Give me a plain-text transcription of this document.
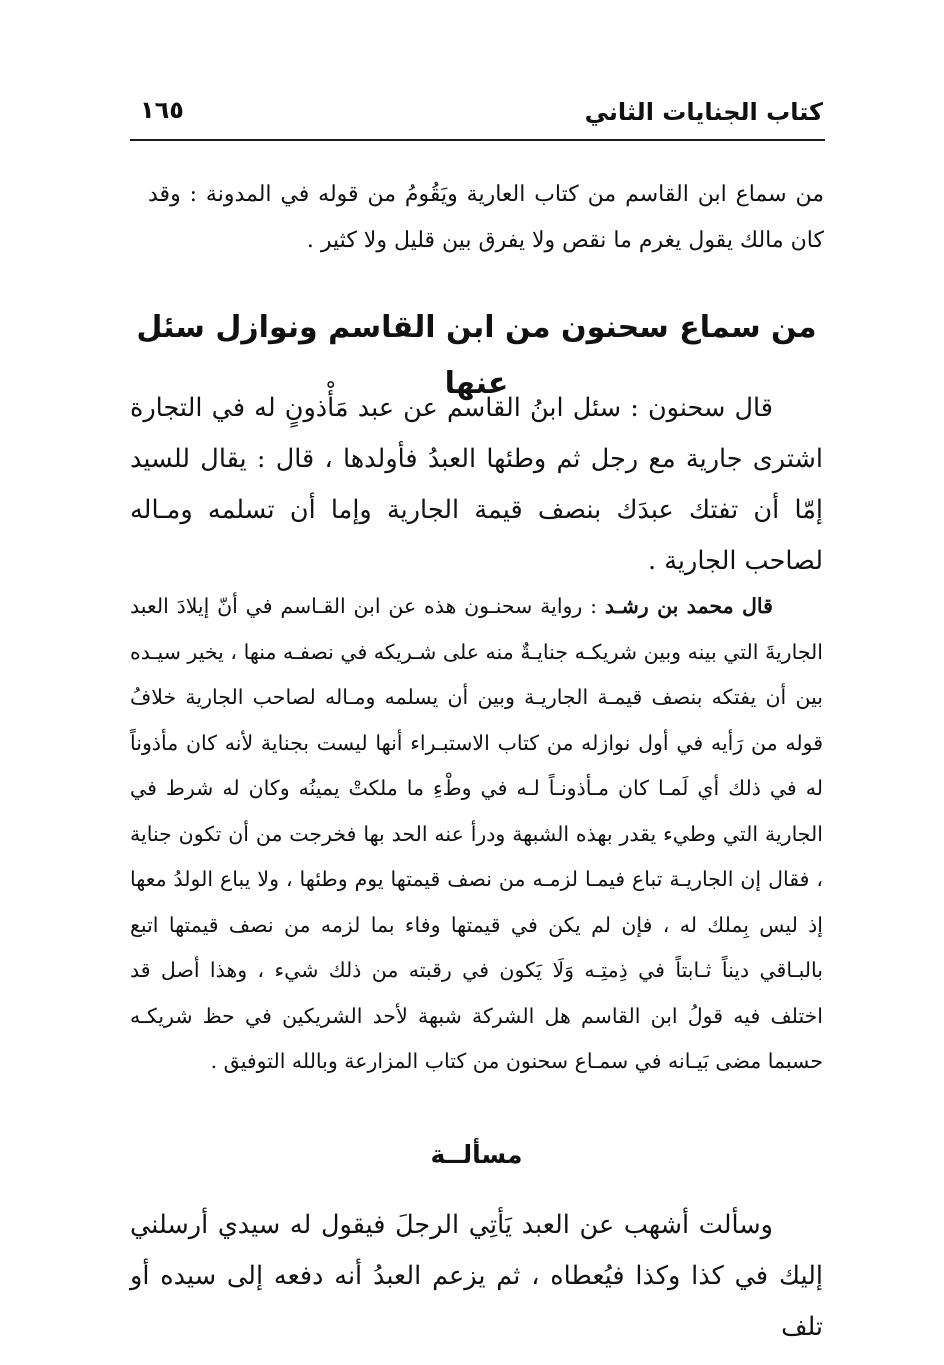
كتاب الجنايات الثاني
١٦٥

من سماع ابن القاسم من كتاب العارية ويَقُومُ من قوله في المدونة : وقد كان مالك يقول يغرم ما نقص ولا يفرق بين قليل ولا كثير .

من سماع سحنون من ابن القاسم ونوازل سئل عنها

قال سحنون : سئل ابنُ القاسم عن عبد مَأْذونٍ له في التجارة اشترى جارية مع رجل ثم وطئها العبدُ فأولدها ، قال : يقال للسيد إمّا أن تفتك عبدَك بنصف قيمة الجارية وإما أن تسلمه ومـاله لصاحب الجارية .

قال محمد بن رشـد : رواية سحنـون هذه عن ابن القـاسم في أنّ إيلادَ العبد الجاريةَ التي بينه وبين شريكـه جنايـةٌ منه على شـريكه في نصفـه منها ، يخير سيـده بين أن يفتكه بنصف قيمـة الجاريـة وبين أن يسلمه ومـاله لصاحب الجارية خلافُ قوله من رَأيه في أول نوازله من كتاب الاستبـراء أنها ليست بجناية لأنه كان مأذوناً له في ذلك أي لَمـا كان مـأذونـاً لـه في وطْءِ ما ملكتْ يمينُه وكان له شرط في الجارية التي وطيء يقدر بهذه الشبهة ودرأ عنه الحد بها فخرجت من أن تكون جناية ، فقال إن الجاريـة تباع فيمـا لزمـه من نصف قيمتها يوم وطئها ، ولا يباع الولدُ معها إذ ليس بِملك له ، فإن لم يكن في قيمتها وفاء بما لزمه من نصف قيمتها اتبع بالبـاقي ديناً ثـابتاً في ذِمتِـه وَلَا يَكون في رقبته من ذلك شيء ، وهذا أصل قد اختلف فيه قولُ ابن القاسم هل الشركة شبهة لأحد الشريكين في حظ شريكـه حسبما مضى بَيـانه في سمـاع سحنون من كتاب المزارعة وبالله التوفيق .

مسألــة

وسألت أشهب عن العبد يَأتِي الرجلَ فيقول له سيدي أرسلني إليك في كذا وكذا فيُعطاه ، ثم يزعم العبدُ أنه دفعه إلى سيده أو تلف
